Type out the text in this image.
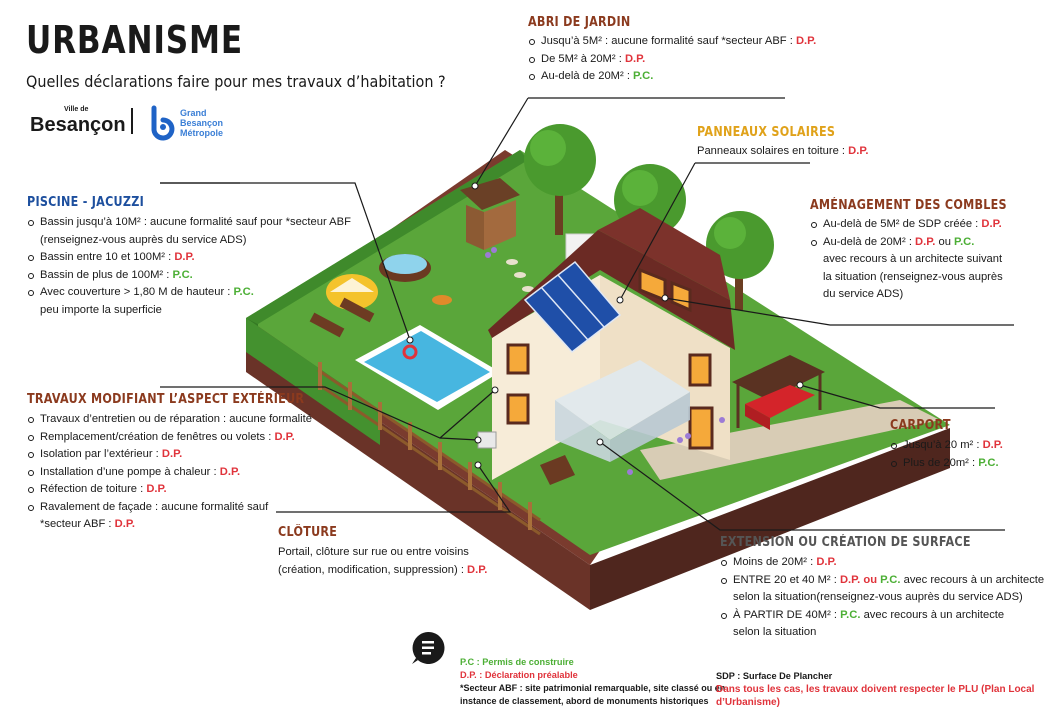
URBANISME
Quelles déclarations faire pour mes travaux d’habitation ?
Ville de
Besançon
Grand
Besançon
Métropole
ABRI DE JARDIN
Jusqu’à 5M² : aucune formalité sauf *secteur ABF : D.P.
De 5M² à 20M² : D.P.
Au-delà de 20M² : P.C.
PANNEAUX SOLAIRES
Panneaux solaires en toiture : D.P.
AMÉNAGEMENT DES COMBLES
Au-delà de 5M² de SDP créée : D.P.
Au-delà de 20M² : D.P. ou P.C.
avec recours à un architecte suivant
la situation (renseignez-vous auprès
du service ADS)
PISCINE - JACUZZI
Bassin jusqu’à 10M² : aucune formalité sauf pour *secteur ABF
(renseignez-vous auprès du service ADS)
Bassin entre 10 et 100M² : D.P.
Bassin de plus de 100M² : P.C.
Avec couverture > 1,80 M de hauteur : P.C.
peu importe la superficie
TRAVAUX MODIFIANT L’ASPECT EXTÉRIEUR
Travaux d’entretien ou de réparation : aucune formalité
Remplacement/création de fenêtres ou volets : D.P.
Isolation par l’extérieur : D.P.
Installation d’une pompe à chaleur : D.P.
Réfection de toiture : D.P.
Ravalement de façade : aucune formalité sauf
*secteur ABF : D.P.
CLÔTURE
Portail, clôture sur rue ou entre voisins
(création, modification, suppression) : D.P.
CARPORT
Jusqu’à 20 m² : D.P.
Plus de 20m² : P.C.
EXTENSION OU CRÉATION DE SURFACE
Moins de 20M² : D.P.
ENTRE 20 et 40 M² : D.P. ou P.C. avec recours à un architecte
selon la situation(renseignez-vous auprès du service ADS)
À PARTIR DE 40M² : P.C. avec recours à un architecte
selon la situation
P.C : Permis de construire
D.P. : Déclaration préalable
*Secteur ABF : site patrimonial remarquable, site classé ou en
instance de classement, abord de monuments historiques
SDP : Surface De Plancher
Dans tous les cas, les travaux doivent respecter le PLU (Plan Local
d’Urbanisme)
